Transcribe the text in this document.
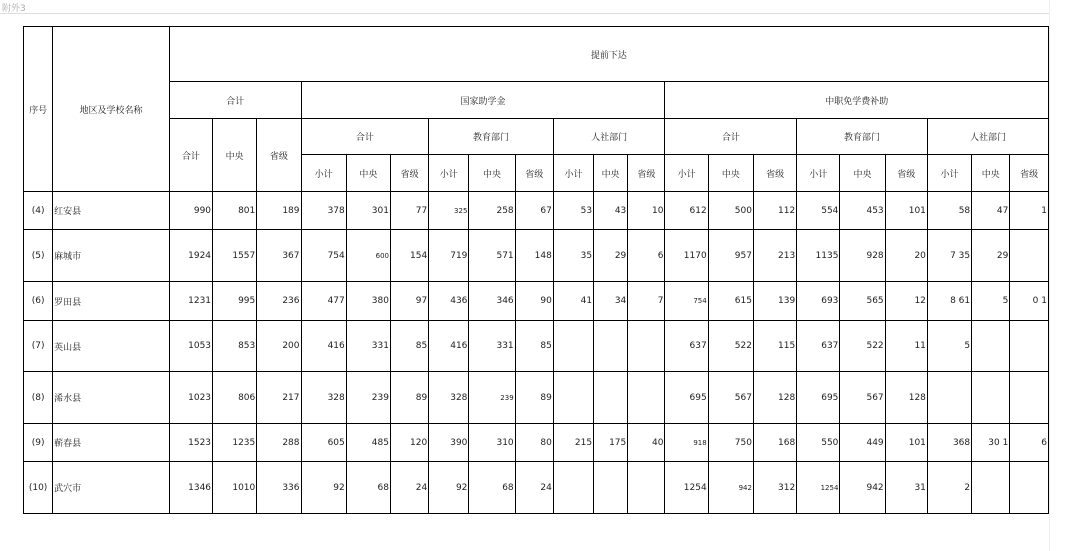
附外3
序号	地区及学校名称	提前下达																				
		合计			国家助学金									中职免学费补助								
		合计	中央	省级	合计			教育部门			人社部门			合计			教育部门			人社部门		
					小计	中央	省级	小计	中央	省级	小计	中央	省级	小计	中央	省级	小计	中央	省级	小计	中央	省级
(4)	红安县	990	801	189	378	301	77	325	258	67	53	43	10	612	500	112	554	453	101	58	47	1
(5)	麻城市	1924	1557	367	754	600	154	719	571	148	35	29	6	1170	957	213	1135	928	20	7 35	29	
(6)	罗田县	1231	995	236	477	380	97	436	346	90	41	34	7	754	615	139	693	565	12	8 61	5	0 1
(7)	英山县	1053	853	200	416	331	85	416	331	85				637	522	115	637	522	11	5		
(8)	浠水县	1023	806	217	328	239	89	328	239	89				695	567	128	695	567	128			
(9)	蕲春县	1523	1235	288	605	485	120	390	310	80	215	175	40	918	750	168	550	449	101	368	30 1	6
(10)	武穴市	1346	1010	336	92	68	24	92	68	24				1254	942	312	1254	942	31	2		
